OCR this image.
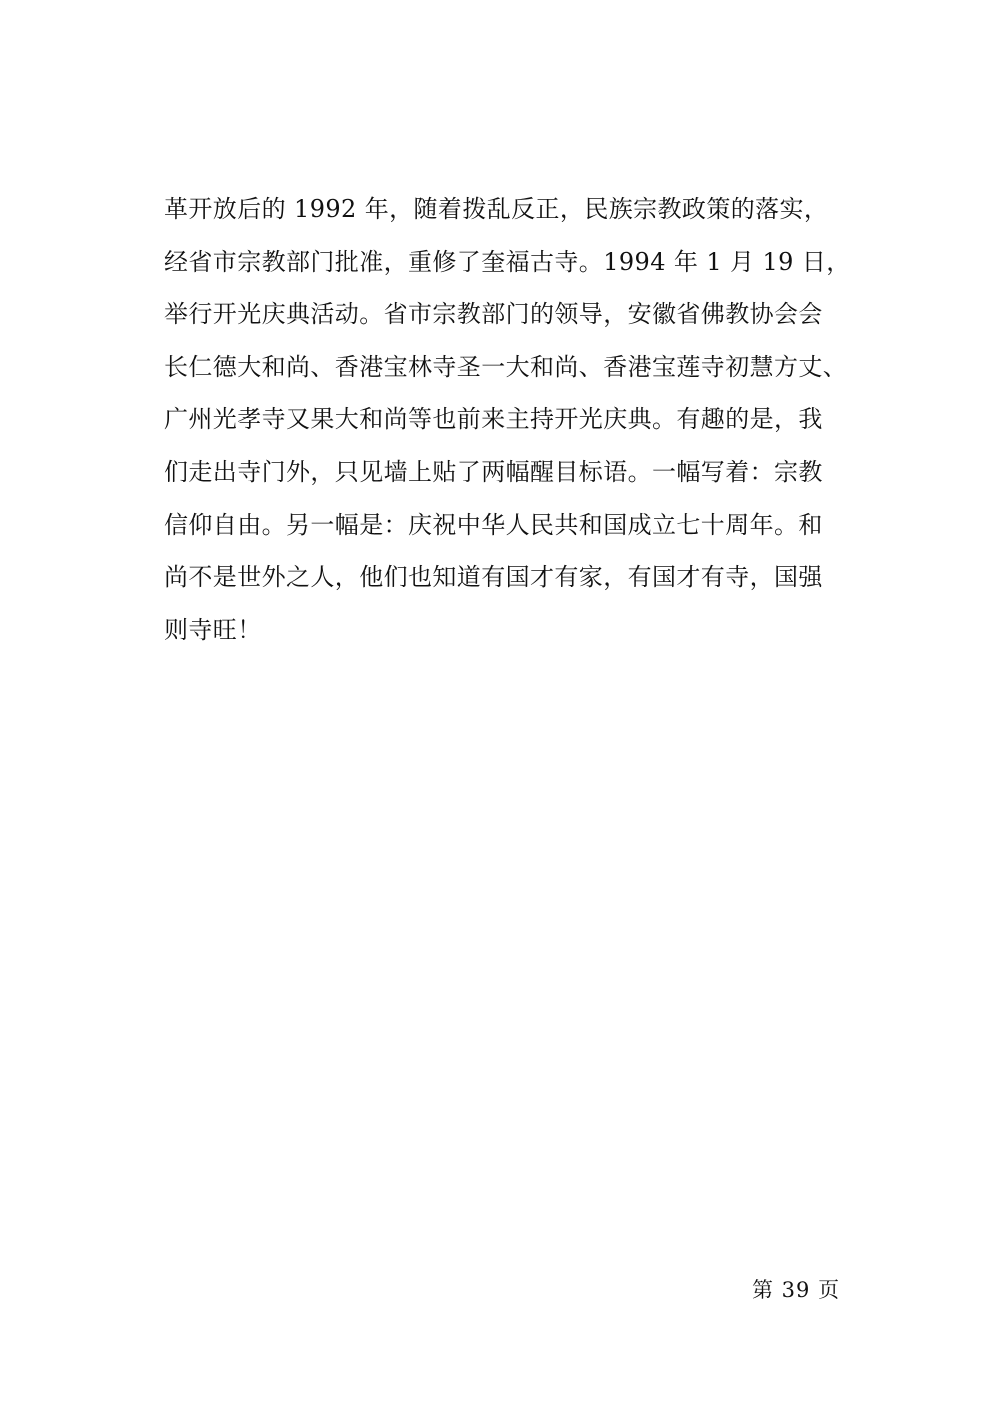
革开放后的 1992 年，随着拨乱反正，民族宗教政策的落实，
经省市宗教部门批准，重修了奎福古寺。1994 年 1 月 19 日，
举行开光庆典活动。省市宗教部门的领导，安徽省佛教协会会
长仁德大和尚、香港宝林寺圣一大和尚、香港宝莲寺初慧方丈、
广州光孝寺又果大和尚等也前来主持开光庆典。有趣的是，我
们走出寺门外，只见墙上贴了两幅醒目标语。一幅写着：宗教
信仰自由。另一幅是：庆祝中华人民共和国成立七十周年。和
尚不是世外之人，他们也知道有国才有家，有国才有寺，国强
则寺旺！
第 39 页
